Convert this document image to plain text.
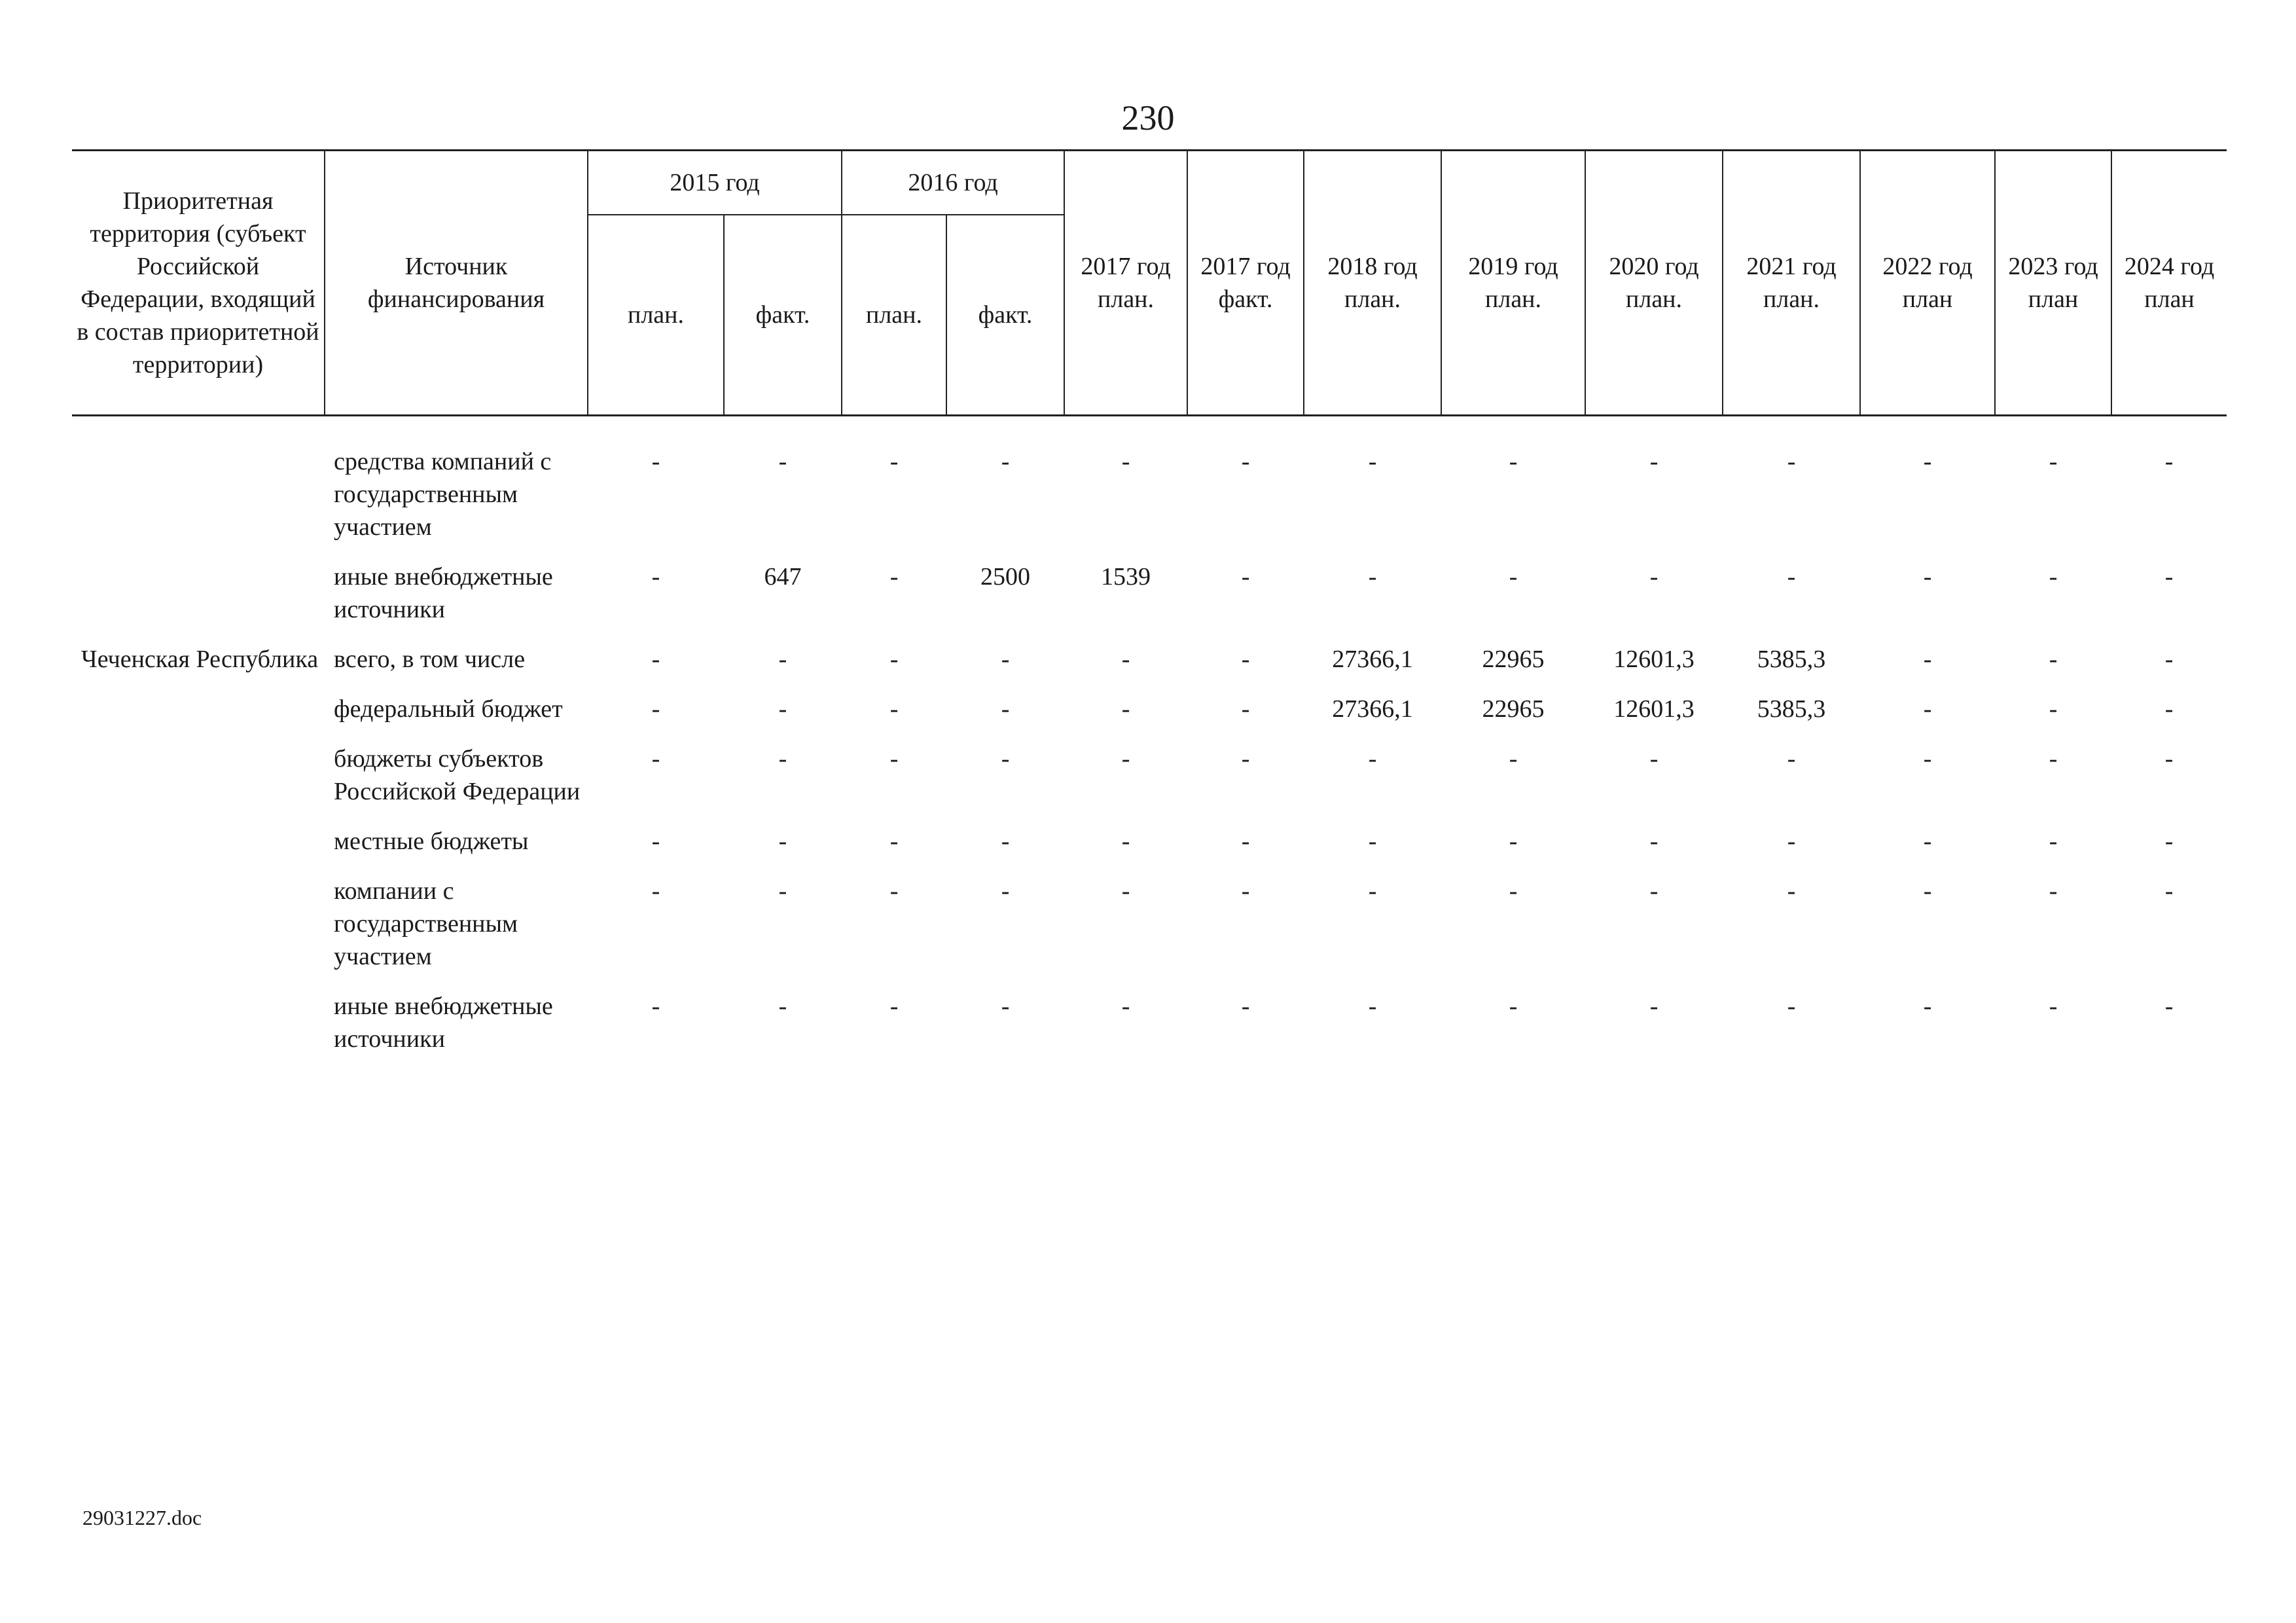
230
Приоритетная территория (субъект Российской Федерации, входящий в состав приоритетной территории)	Источник финансирования	2015 год		2016 год		2017 год план.	2017 год факт.	2018 год план.	2019 год план.	2020 год план.	2021 год план.	2022 год план	2023 год план	2024 год план
		план.	факт.	план.	факт.									

	средства компаний с государственным участием	-	-	-	-	-	-	-	-	-	-	-	-	-

	иные внебюджетные источники	-	647	-	2500	1539	-	-	-	-	-	-	-	-

Чеченская Республика	всего, в том числе	-	-	-	-	-	-	27366,1	22965	12601,3	5385,3	-	-	-

	федеральный бюджет	-	-	-	-	-	-	27366,1	22965	12601,3	5385,3	-	-	-

	бюджеты субъектов Российской Федерации	-	-	-	-	-	-	-	-	-	-	-	-	-

	местные бюджеты	-	-	-	-	-	-	-	-	-	-	-	-	-

	компании с государственным участием	-	-	-	-	-	-	-	-	-	-	-	-	-

	иные внебюджетные источники	-	-	-	-	-	-	-	-	-	-	-	-	-

29031227.doc
